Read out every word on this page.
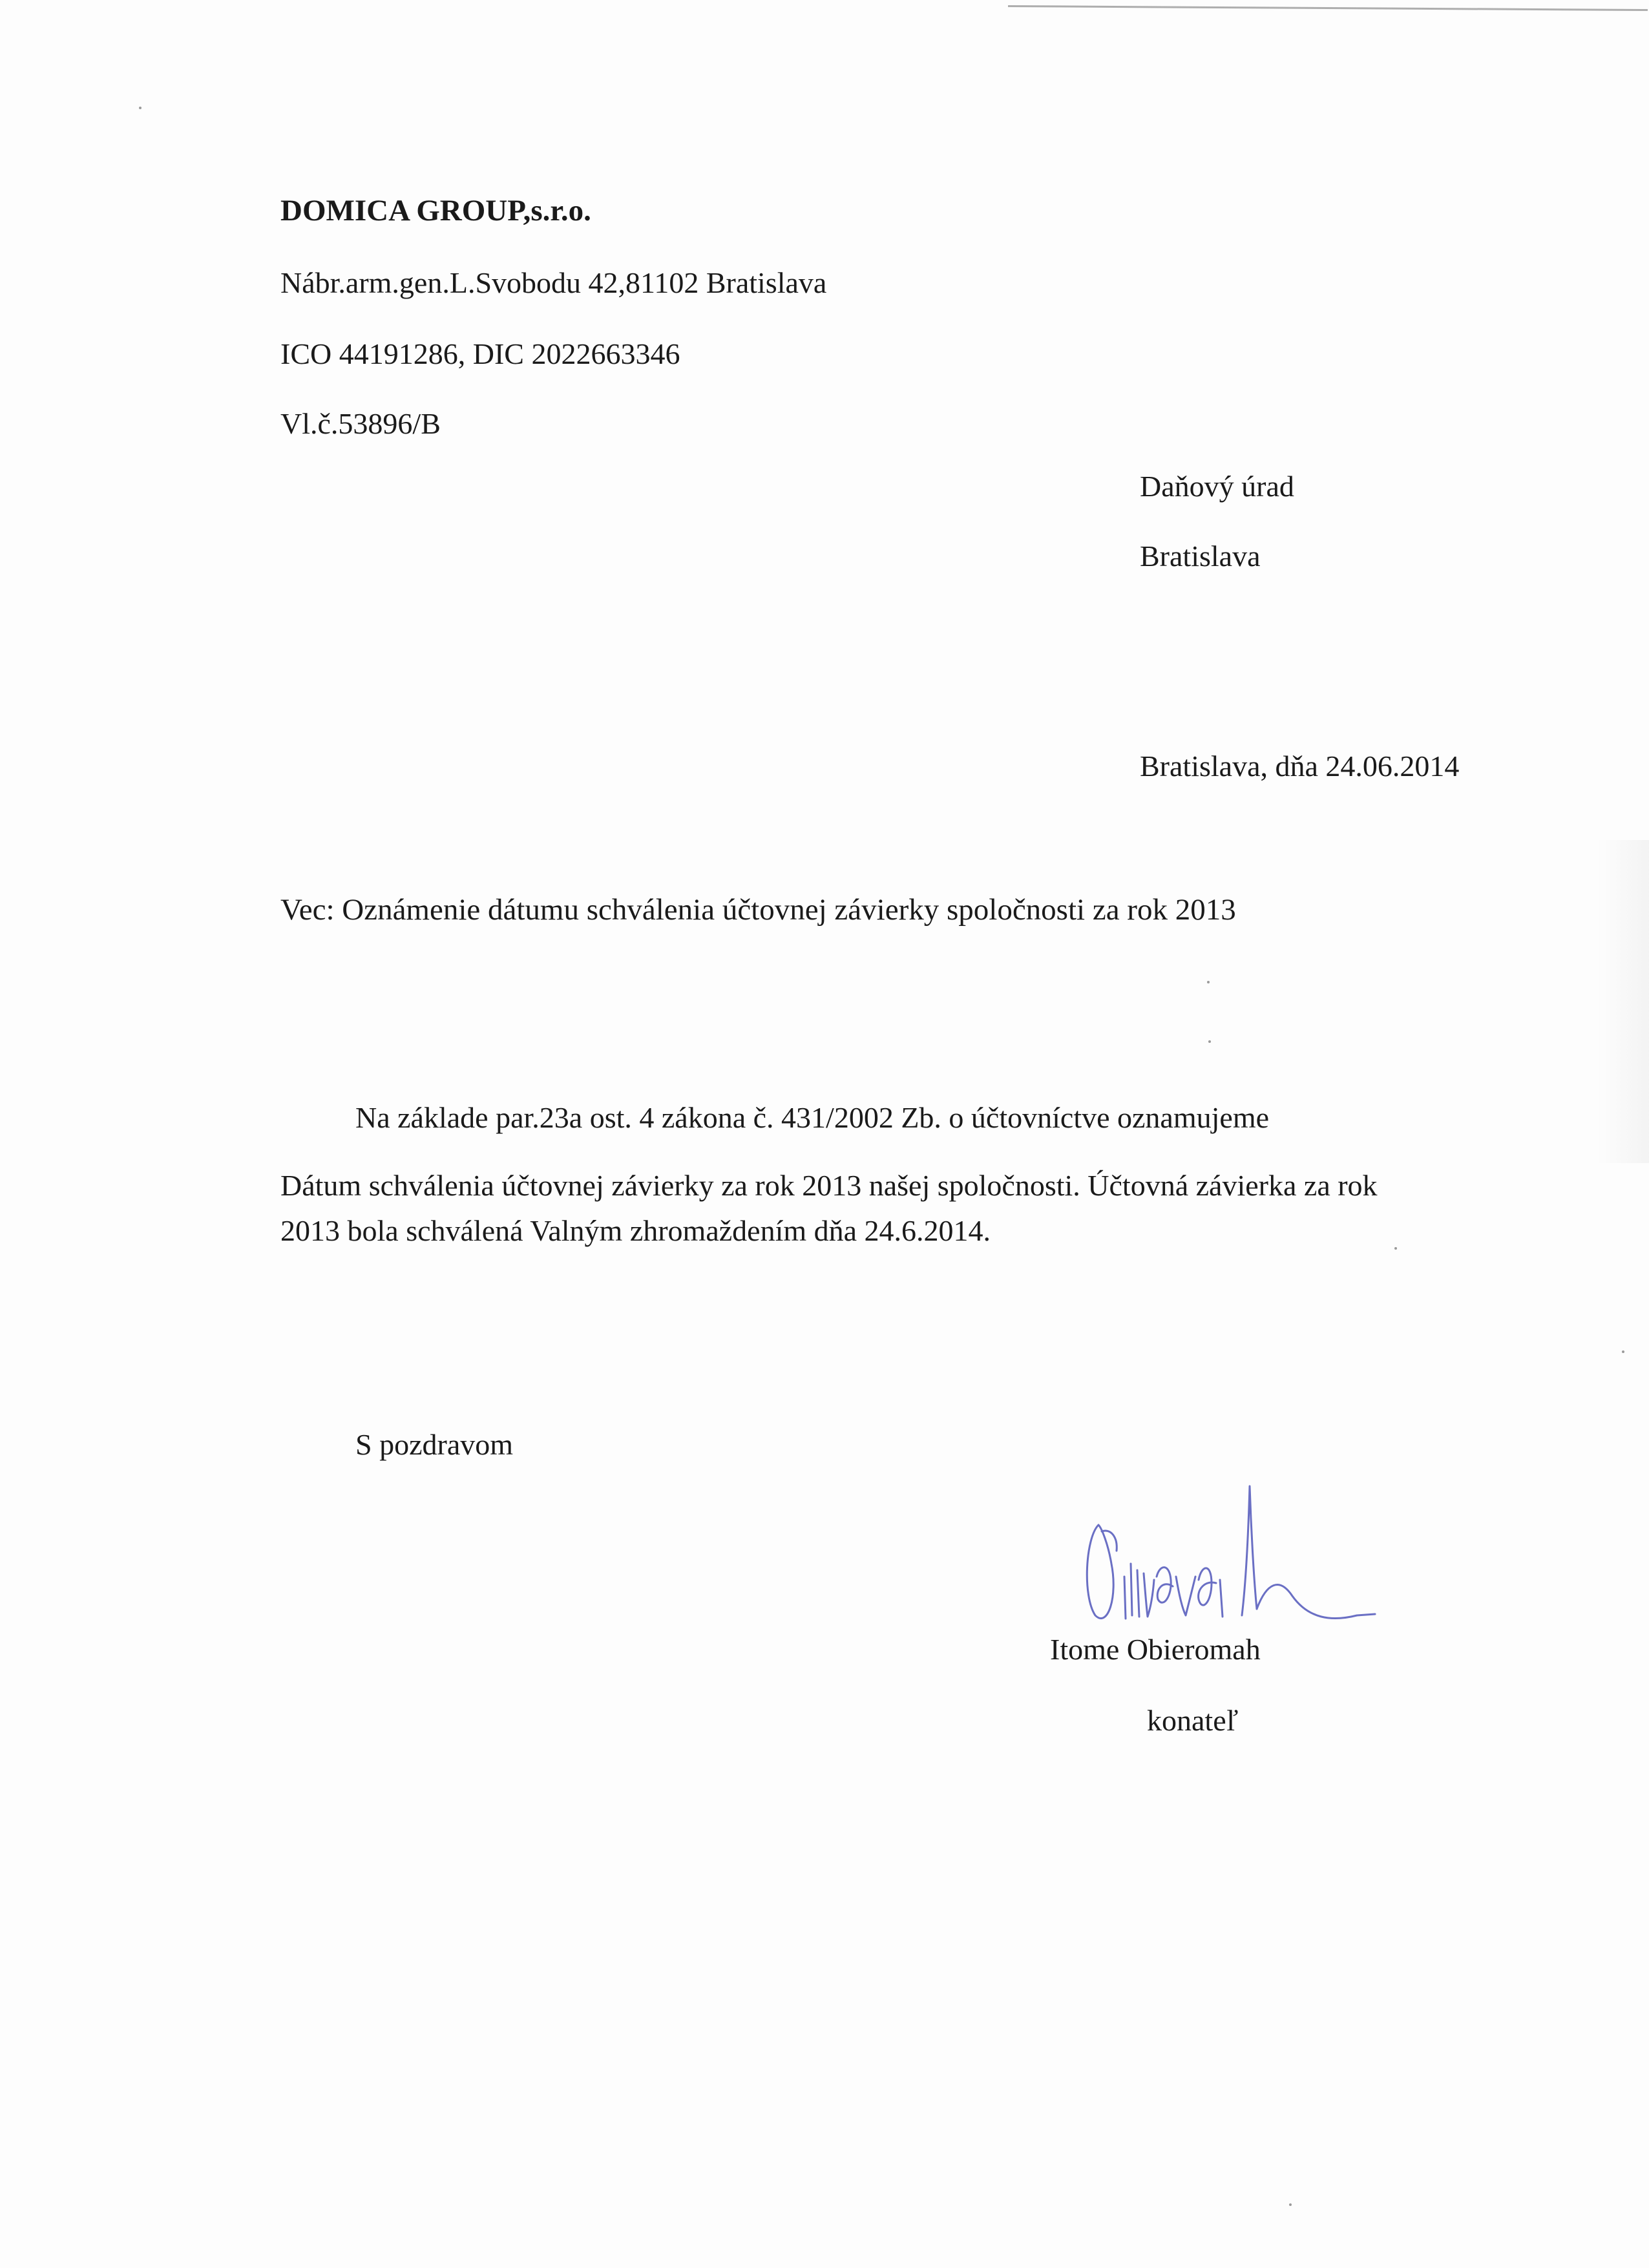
DOMICA GROUP,s.r.o.
Nábr.arm.gen.L.Svobodu 42,81102 Bratislava
ICO 44191286, DIC 2022663346
Vl.č.53896/B
Daňový úrad
Bratislava
Bratislava, dňa 24.06.2014
Vec: Oznámenie dátumu schválenia účtovnej závierky spoločnosti za rok 2013
Na základe par.23a ost. 4 zákona č. 431/2002 Zb. o účtovníctve oznamujeme
Dátum schválenia účtovnej závierky za rok 2013 našej spoločnosti. Účtovná závierka za rok
2013 bola schválená Valným zhromaždením dňa 24.6.2014.
S pozdravom
Itome Obieromah
konateľ
